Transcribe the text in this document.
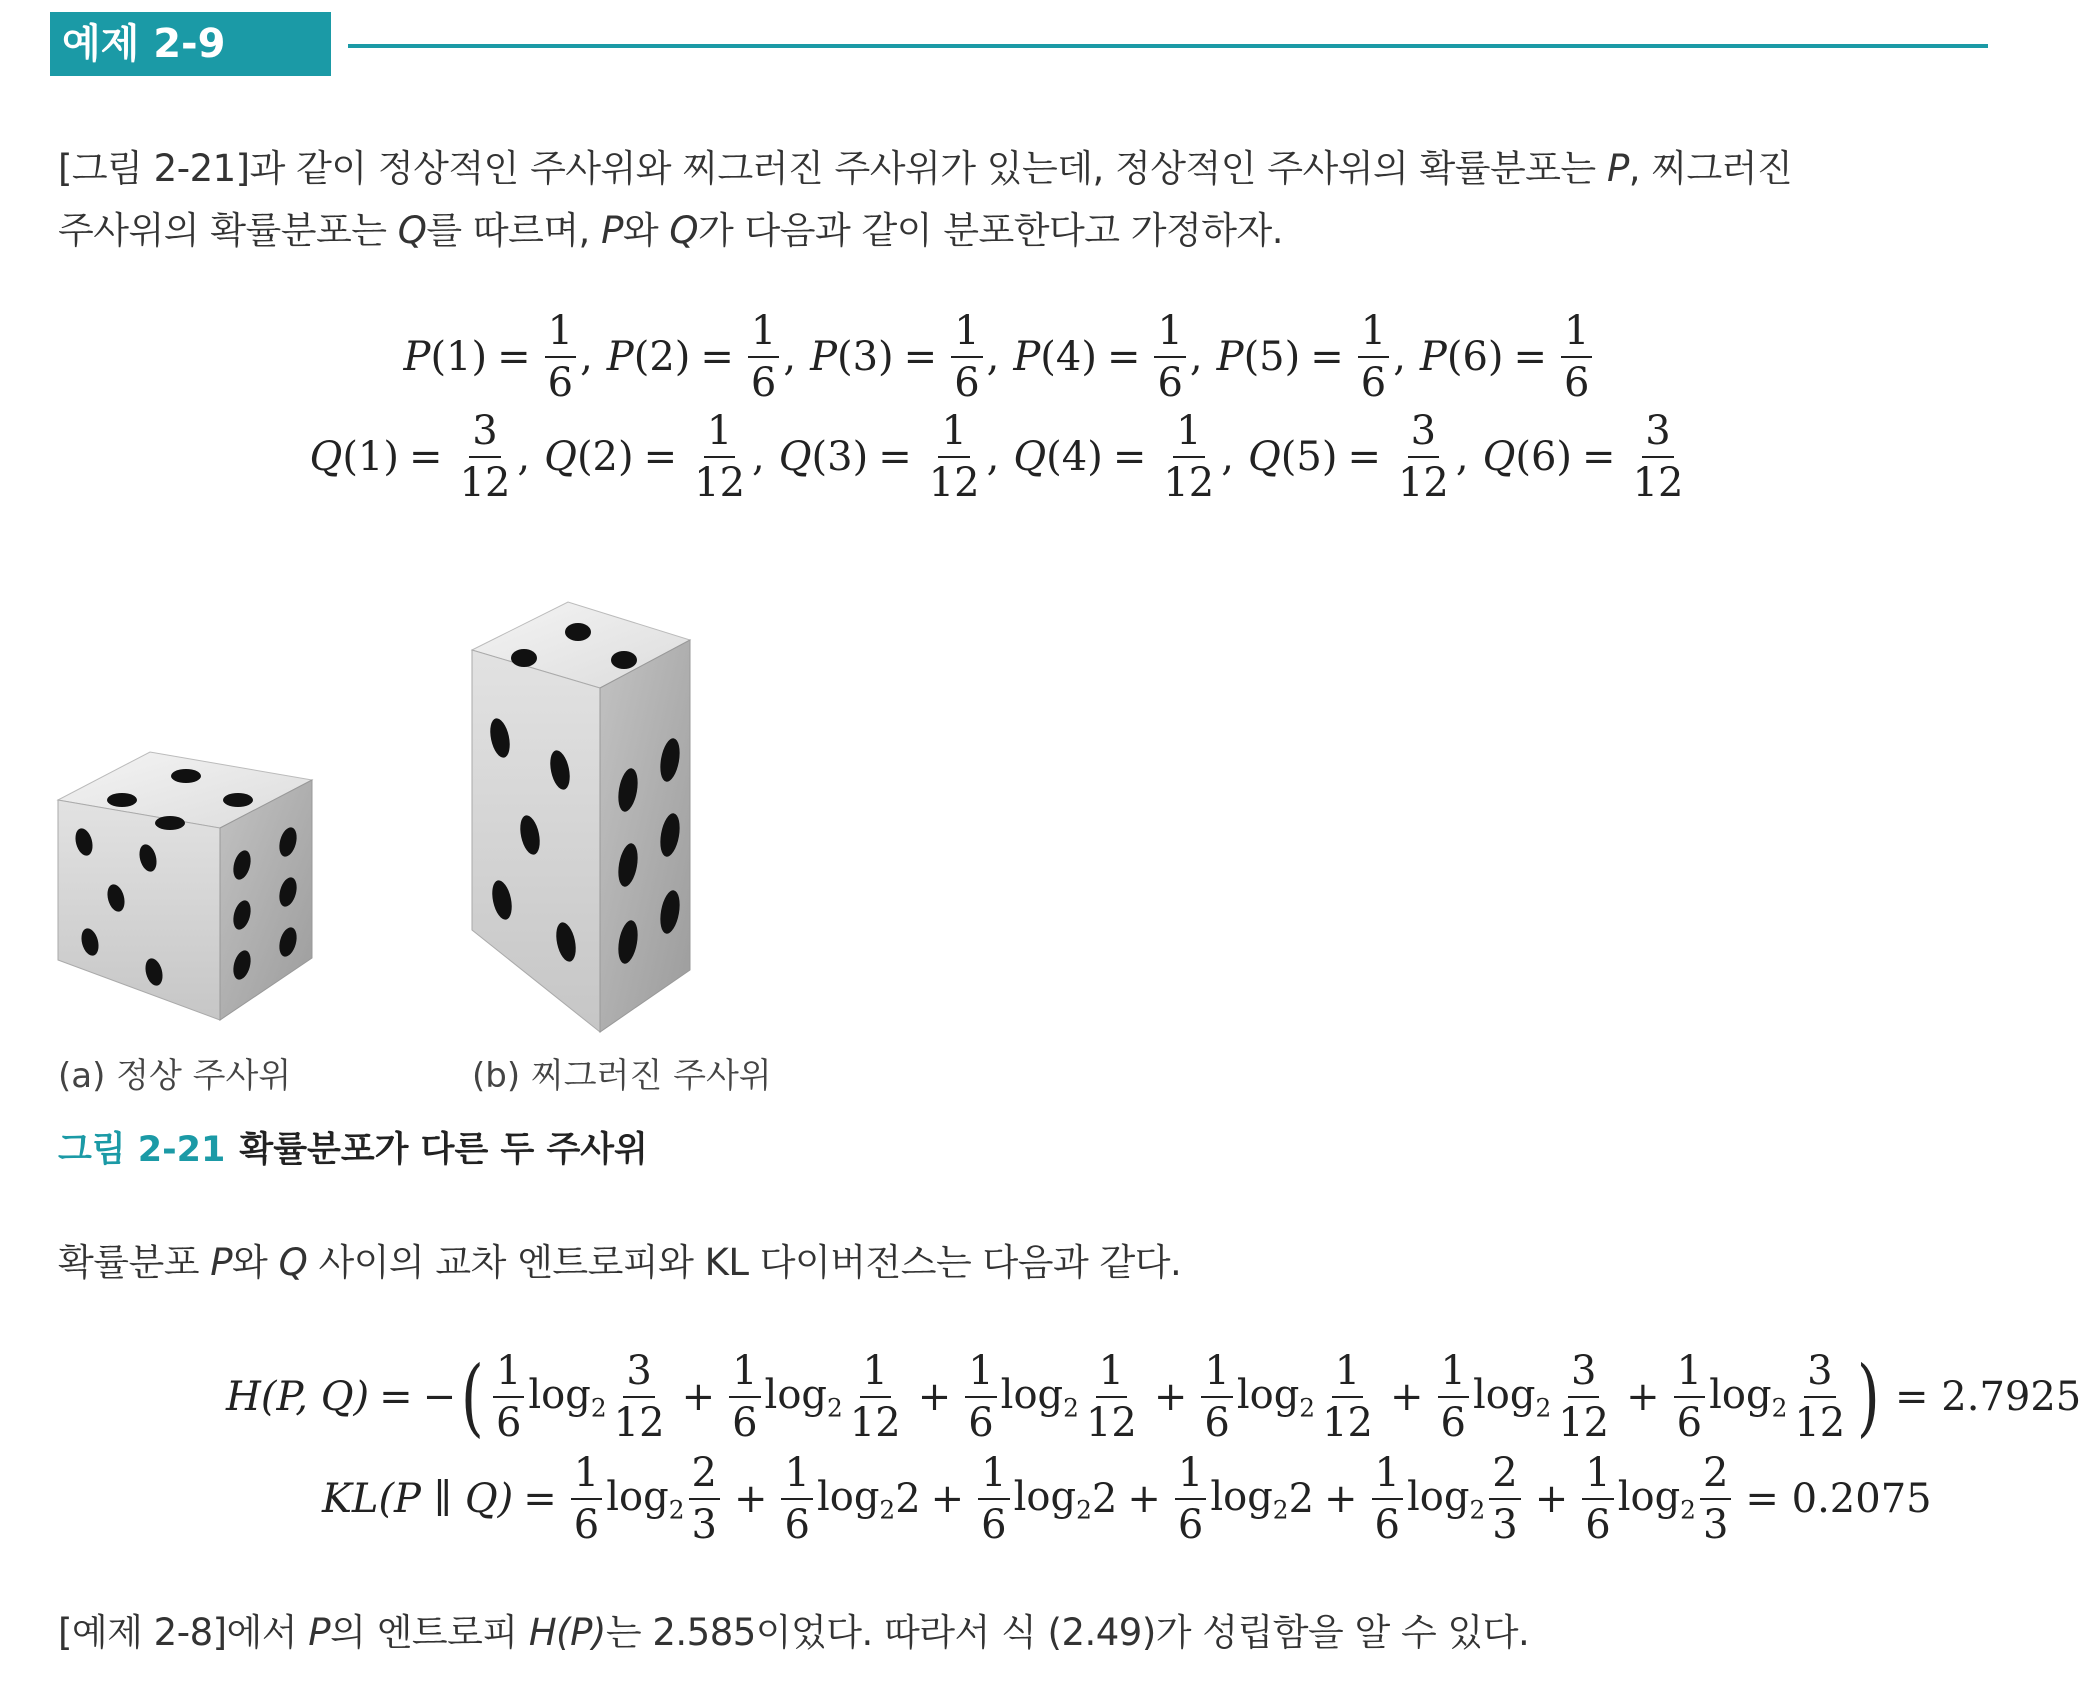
예제 2-9
[그림 2-21]과 같이 정상적인 주사위와 찌그러진 주사위가 있는데, 정상적인 주사위의 확률분포는 P, 찌그러진
주사위의 확률분포는 Q를 따르며, P와 Q가 다음과 같이 분포한다고 가정하자.
P $(1) = \frac{1}{6}$ , P $(2) = \frac{1}{6}$ , P $(3) = \frac{1}{6}$ , P $(4) = \frac{1}{6}$ , P $(5) = \frac{1}{6}$ , P $(6) = \frac{1}{6}$
Q $(1) = \frac{3}{12}$ , Q $(2) = \frac{1}{12}$ , Q $(3) = \frac{1}{12}$ , Q $(4) = \frac{1}{12}$ , Q $(5) = \frac{3}{12}$ , Q $(6) = \frac{3}{12}$
(a) 정상 주사위	(b) 찌그러진 주사위
그림 2-21 확률분포가 다른 두 주사위
확률분포 P와 Q 사이의 교차 엔트로피와 KL 다이버전스는 다음과 같다.
H(P, Q) = − ( $\frac{1}{6} \log_2 \frac{3}{12} + \frac{1}{6} \log_2 \frac{1}{12} + \frac{1}{6} \log_2 \frac{1}{12} + \frac{1}{6} \log_2 \frac{1}{12} + \frac{1}{6} \log_2 \frac{3}{12} + \frac{1}{6} \log_2 \frac{3}{12}$ ) = 2.7925
KL(P ∥ $Q) = \frac{1}{6} \log_2 \frac{2}{3} + \frac{1}{6} \log_2 2 + \frac{1}{6} \log_2 2 + \frac{1}{6} \log_2 2 + \frac{1}{6} \log_2 \frac{2}{3} + \frac{1}{6} \log_2 \frac{2}{3} = 0.2075$
[예제 2-8]에서 P의 엔트로피 H(P)는 2.585이었다. 따라서 식 (2.49)가 성립함을 알 수 있다.
